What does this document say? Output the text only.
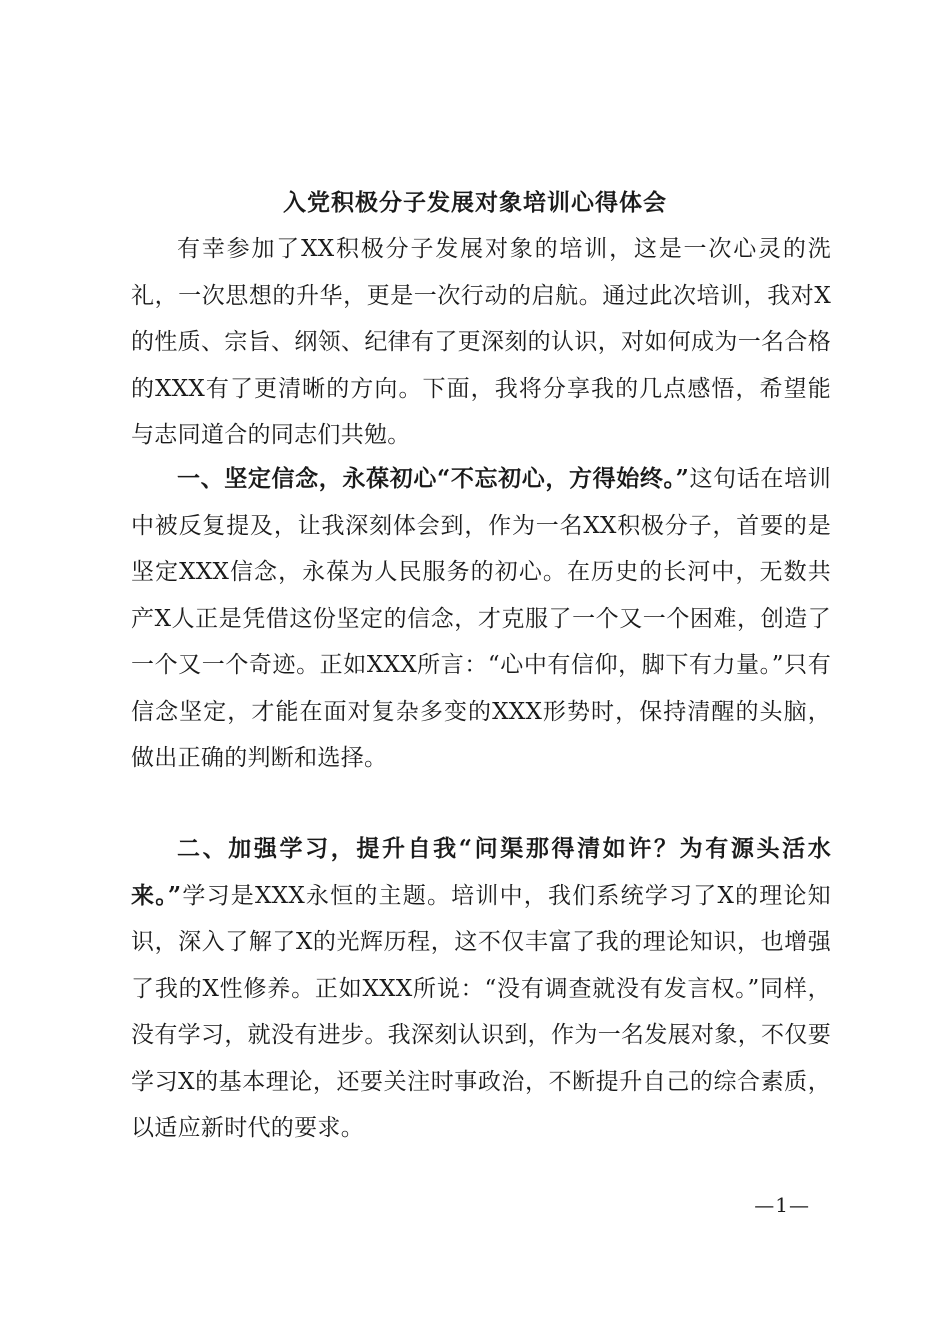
入党积极分子发展对象培训心得体会

有幸参加了XX积极分子发展对象的培训，这是一次心灵的洗礼，一次思想的升华，更是一次行动的启航。通过此次培训，我对X的性质、宗旨、纲领、纪律有了更深刻的认识，对如何成为一名合格的XXX有了更清晰的方向。下面，我将分享我的几点感悟，希望能与志同道合的同志们共勉。

一、坚定信念，永葆初心“不忘初心，方得始终。”这句话在培训中被反复提及，让我深刻体会到，作为一名XX积极分子，首要的是坚定XXX信念，永葆为人民服务的初心。在历史的长河中，无数共产X人正是凭借这份坚定的信念，才克服了一个又一个困难，创造了一个又一个奇迹。正如XXX所言：“心中有信仰，脚下有力量。”只有信念坚定，才能在面对复杂多变的XXX形势时，保持清醒的头脑，做出正确的判断和选择。

二、加强学习，提升自我“问渠那得清如许？为有源头活水来。”学习是XXX永恒的主题。培训中，我们系统学习了X的理论知识，深入了解了X的光辉历程，这不仅丰富了我的理论知识，也增强了我的X性修养。正如XXX所说：“没有调查就没有发言权。”同样，没有学习，就没有进步。我深刻认识到，作为一名发展对象，不仅要学习X的基本理论，还要关注时事政治，不断提升自己的综合素质，以适应新时代的要求。

—1—
